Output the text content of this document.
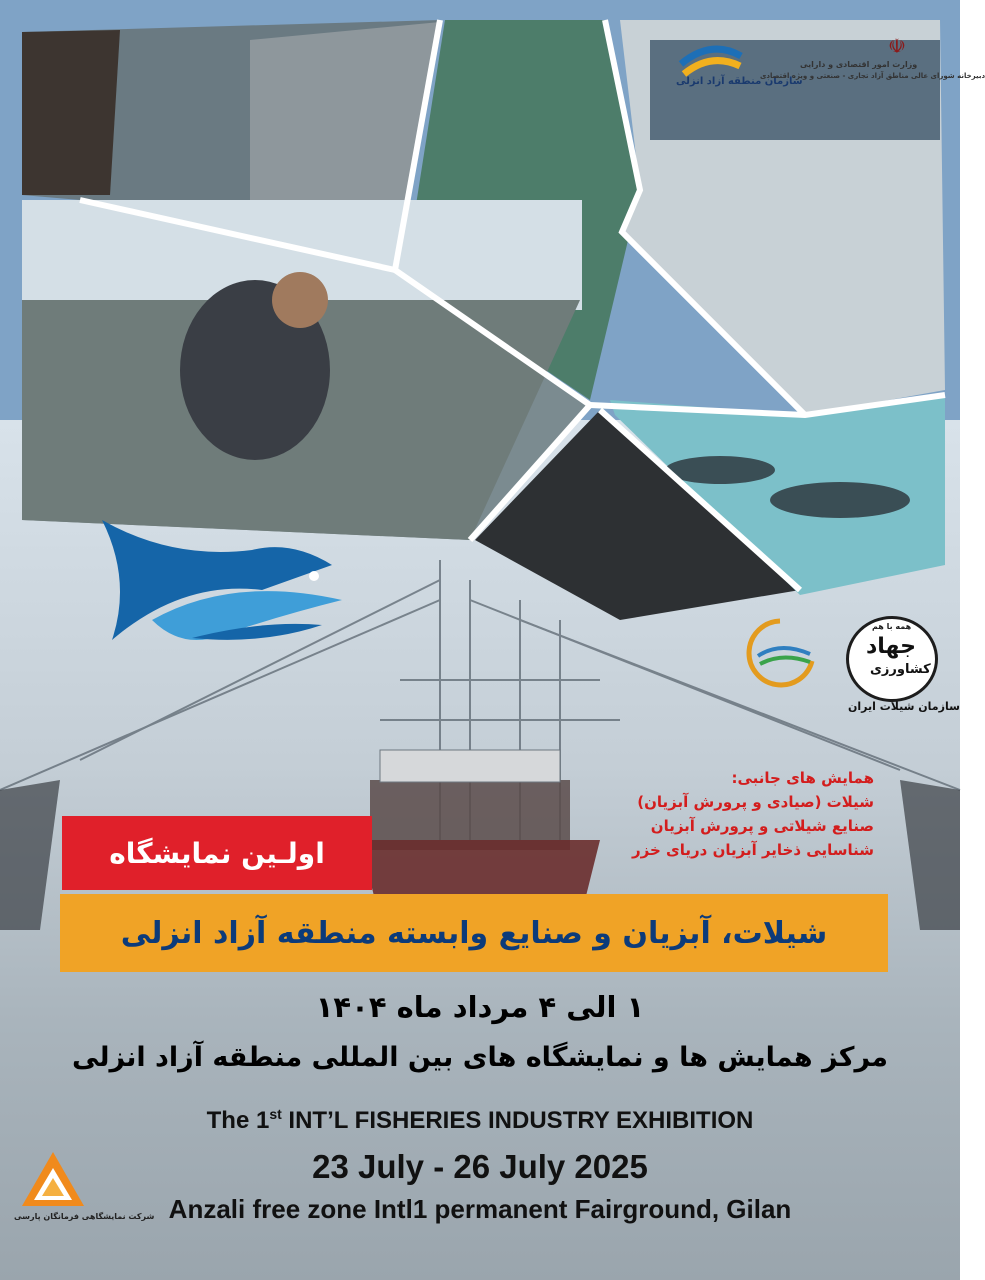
سازمان منطقه آزاد انزلی
☫
وزارت امور اقتصادی و دارایی
دبیرخانه شورای عالی مناطق آزاد تجاری - صنعتی و ویژه اقتصادی
همه با هم
جهاد
کشاورزی
سازمان شیلات ایران
همایش های جانبی:
شیلات (صیادی و پرورش آبزیان)
صنایع شیلاتی و پرورش آبزیان
شناسایی ذخایر آبزیان دریای خزر
اولـین نمایشگاه
شیلات، آبزیان و صنایع وابسته منطقه آزاد انزلی
۱ الی ۴ مرداد ماه ۱۴۰۴
مرکز همایش ها و نمایشگاه های بین المللی منطقه آزاد انزلی
The 1st INT’L FISHERIES INDUSTRY EXHIBITION
23 July - 26 July 2025
Anzali free zone Intl1 permanent Fairground, Gilan
شرکت نمایشگاهی فرمانگان پارسی
